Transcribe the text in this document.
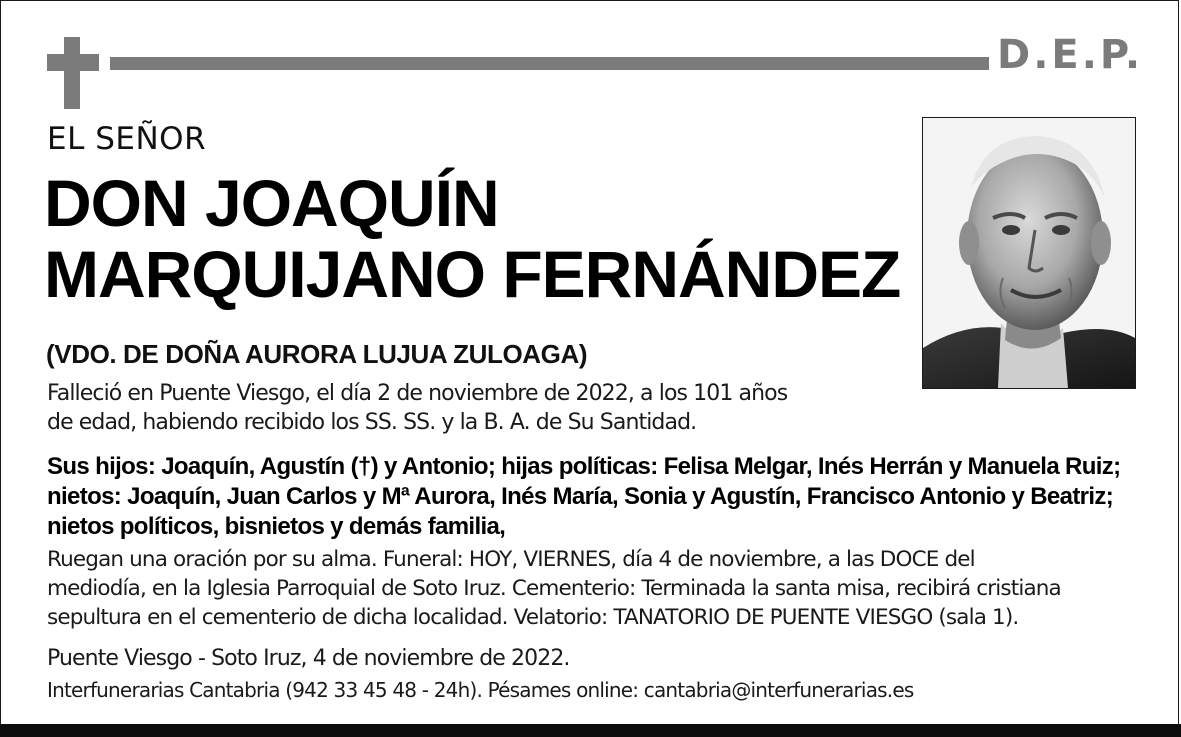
D.E.P.
EL SEÑOR
DON JOAQUÍN
MARQUIJANO FERNÁNDEZ
(VDO. DE DOÑA AURORA LUJUA ZULOAGA)
Falleció en Puente Viesgo, el día 2 de noviembre de 2022, a los 101 años
de edad, habiendo recibido los SS. SS. y la B. A. de Su Santidad.
Sus hijos: Joaquín, Agustín (†) y Antonio; hijas políticas: Felisa Melgar, Inés Herrán y Manuela Ruiz;
nietos: Joaquín, Juan Carlos y Mª Aurora, Inés María, Sonia y Agustín, Francisco Antonio y Beatriz;
nietos políticos, bisnietos y demás familia,
Ruegan una oración por su alma. Funeral: HOY, VIERNES, día 4 de noviembre, a las DOCE del
mediodía, en la Iglesia Parroquial de Soto Iruz. Cementerio: Terminada la santa misa, recibirá cristiana
sepultura en el cementerio de dicha localidad. Velatorio: TANATORIO DE PUENTE VIESGO (sala 1).
Puente Viesgo - Soto Iruz, 4 de noviembre de 2022.
Interfunerarias Cantabria (942 33 45 48 - 24h). Pésames online: cantabria@interfunerarias.es
